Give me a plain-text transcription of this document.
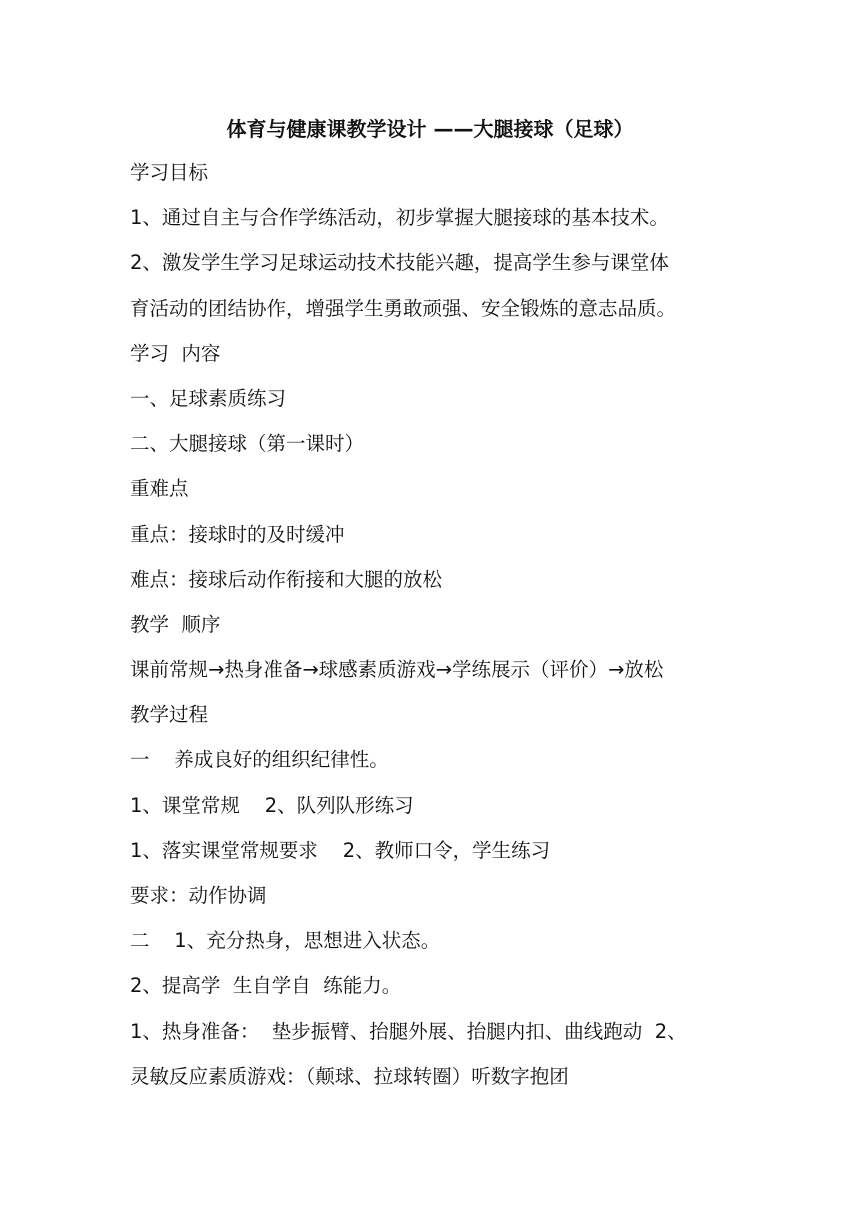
体育与健康课教学设计 ——大腿接球（足球）
学习目标
1、通过自主与合作学练活动，初步掌握大腿接球的基本技术。
2、激发学生学习足球运动技术技能兴趣，提高学生参与课堂体
育活动的团结协作，增强学生勇敢顽强、安全锻炼的意志品质。
学习  内容
一、足球素质练习
二、大腿接球（第一课时）
重难点
重点：接球时的及时缓冲
难点：接球后动作衔接和大腿的放松
教学  顺序
课前常规→热身准备→球感素质游戏→学练展示（评价）→放松
教学过程
一    养成良好的组织纪律性。
1、课堂常规    2、队列队形练习
1、落实课堂常规要求    2、教师口令，学生练习
要求：动作协调
二    1、充分热身，思想进入状态。
2、提高学  生自学自  练能力。
1、热身准备：  垫步振臂、抬腿外展、抬腿内扣、曲线跑动  2、
灵敏反应素质游戏：（颠球、拉球转圈）听数字抱团
